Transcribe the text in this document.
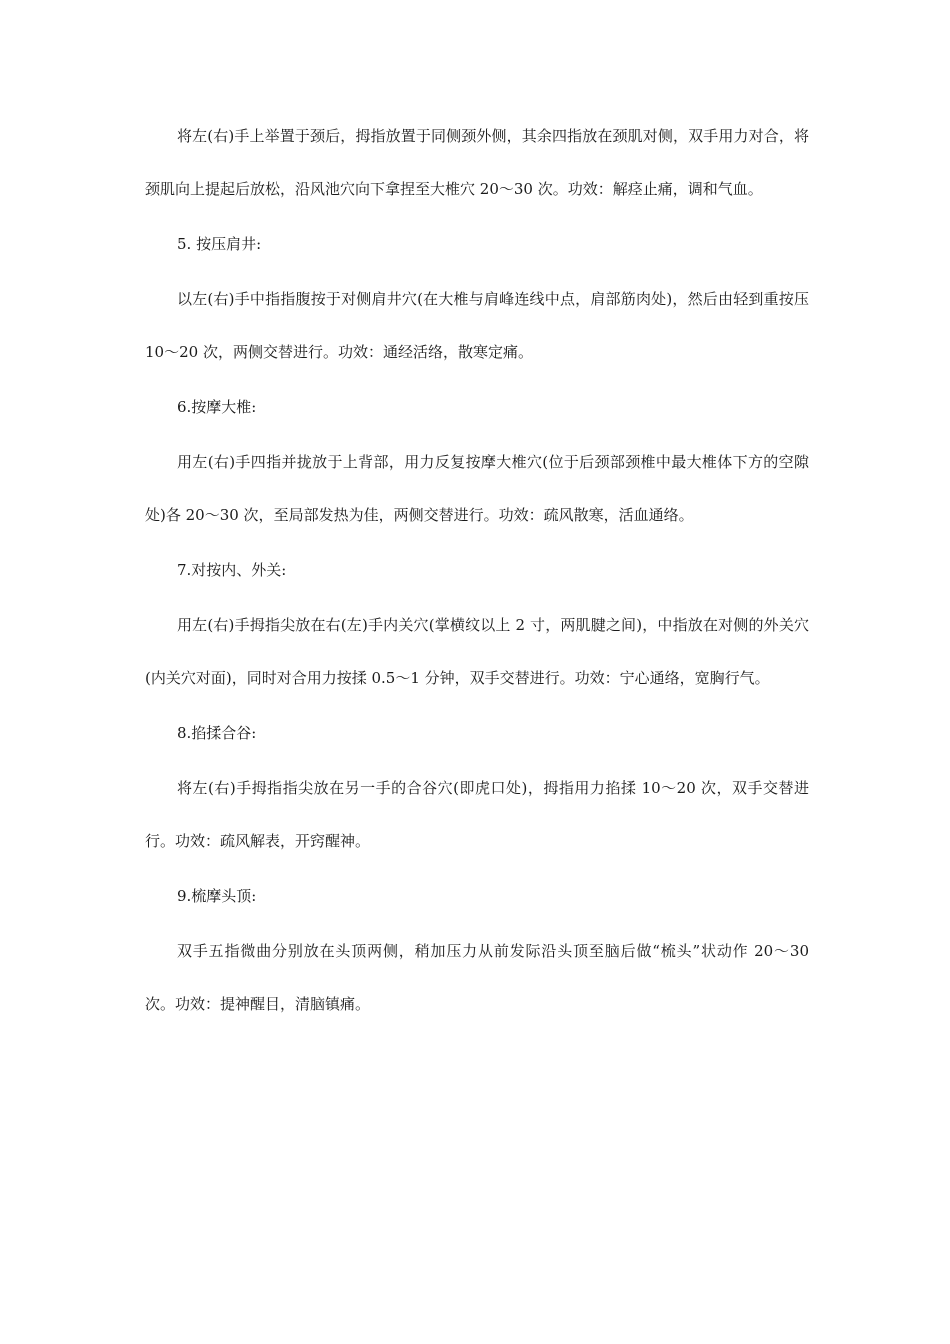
将左(右)手上举置于颈后，拇指放置于同侧颈外侧，其余四指放在颈肌对侧，双手用力对合，将颈肌向上提起后放松，沿风池穴向下拿捏至大椎穴 20～30 次。功效：解痉止痛，调和气血。

5. 按压肩井:

以左(右)手中指指腹按于对侧肩井穴(在大椎与肩峰连线中点，肩部筋肉处)，然后由轻到重按压 10～20 次，两侧交替进行。功效：通经活络，散寒定痛。

6.按摩大椎:

用左(右)手四指并拢放于上背部，用力反复按摩大椎穴(位于后颈部颈椎中最大椎体下方的空隙处)各 20～30 次，至局部发热为佳，两侧交替进行。功效：疏风散寒，活血通络。

7.对按内、外关:

用左(右)手拇指尖放在右(左)手内关穴(掌横纹以上 2 寸，两肌腱之间)，中指放在对侧的外关穴(内关穴对面)，同时对合用力按揉 0.5～1 分钟，双手交替进行。功效：宁心通络，宽胸行气。

8.掐揉合谷:

将左(右)手拇指指尖放在另一手的合谷穴(即虎口处)，拇指用力掐揉 10～20 次，双手交替进行。功效：疏风解表，开窍醒神。

9.梳摩头顶:

双手五指微曲分别放在头顶两侧，稍加压力从前发际沿头顶至脑后做“梳头”状动作 20～30 次。功效：提神醒目，清脑镇痛。
